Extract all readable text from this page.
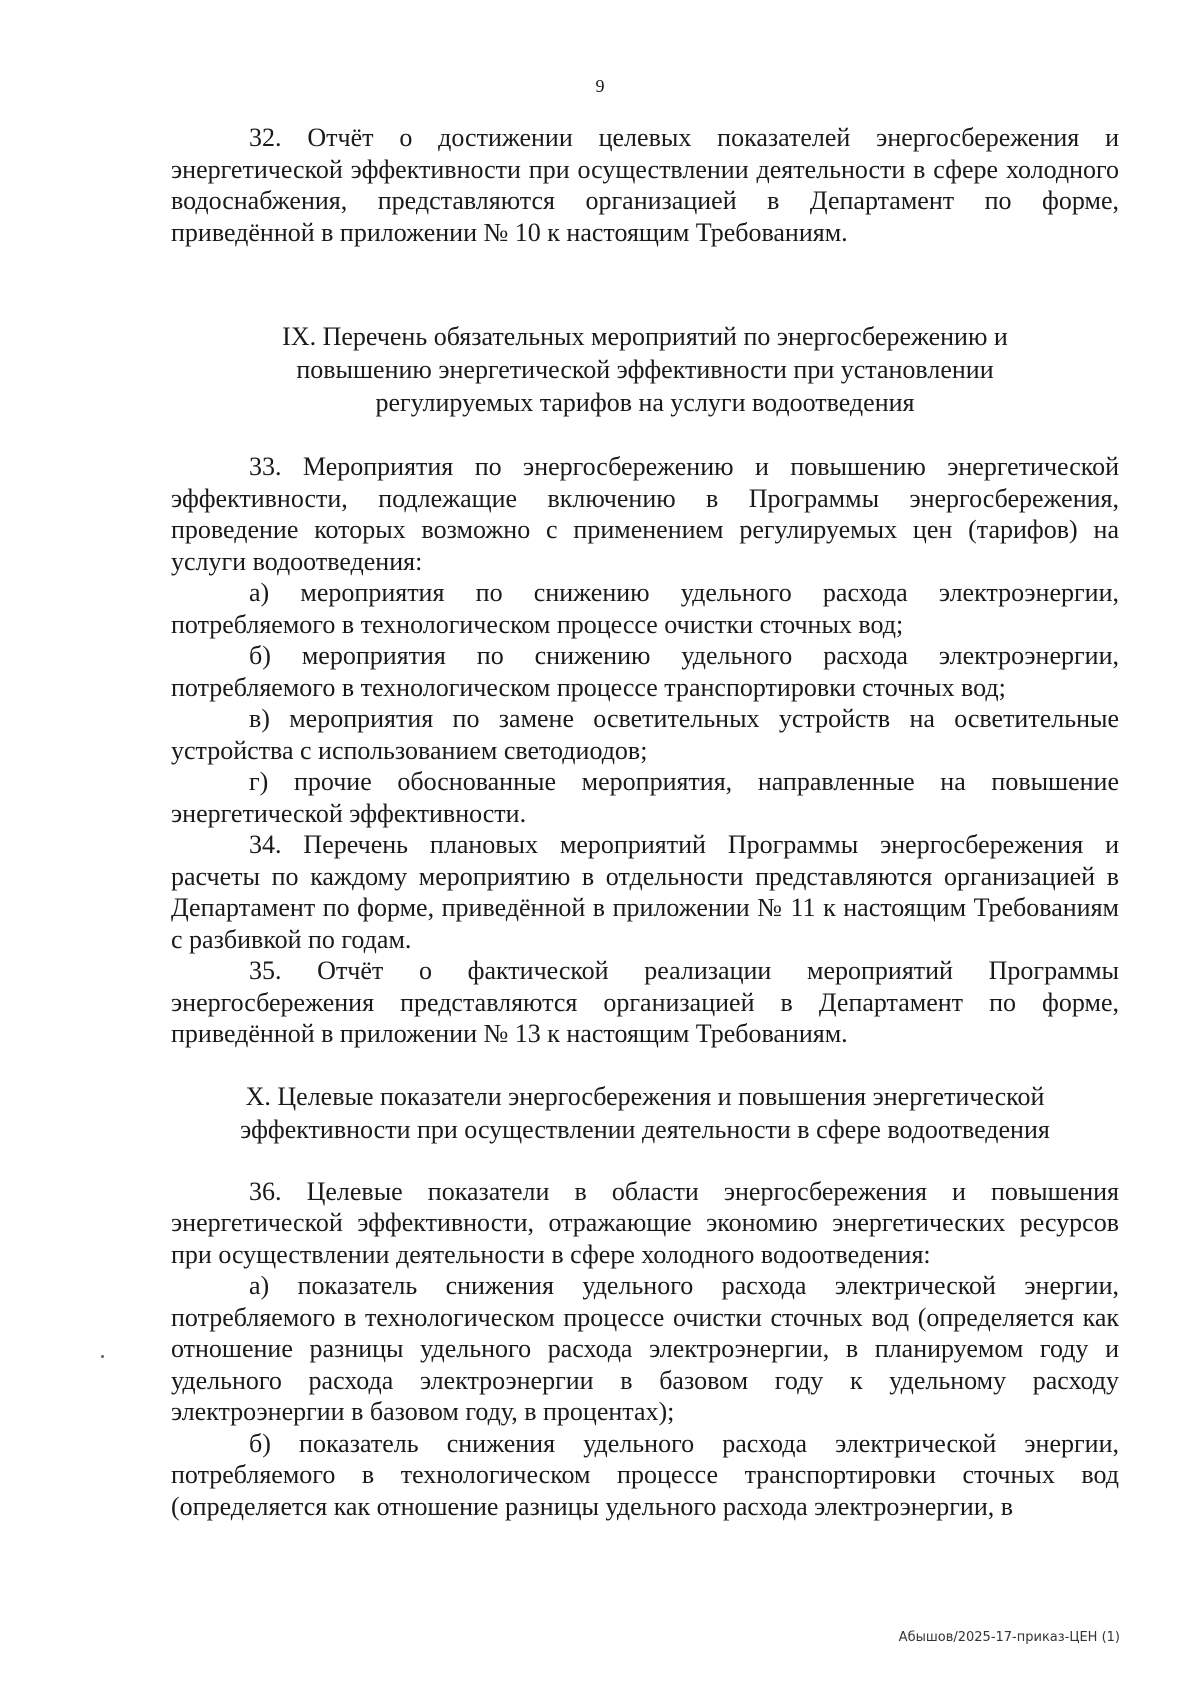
9

32. Отчёт о достижении целевых показателей энергосбережения и энергетической эффективности при осуществлении деятельности в сфере холодного водоснабжения, представляются организацией в Департамент по форме, приведённой в приложении № 10 к настоящим Требованиям.

IX. Перечень обязательных мероприятий по энергосбережению и повышению энергетической эффективности при установлении регулируемых тарифов на услуги водоотведения

33. Мероприятия по энергосбережению и повышению энергетической эффективности, подлежащие включению в Программы энергосбережения, проведение которых возможно с применением регулируемых цен (тарифов) на услуги водоотведения:

а) мероприятия по снижению удельного расхода электроэнергии, потребляемого в технологическом процессе очистки сточных вод;

б) мероприятия по снижению удельного расхода электроэнергии, потребляемого в технологическом процессе транспортировки сточных вод;

в) мероприятия по замене осветительных устройств на осветительные устройства с использованием светодиодов;

г) прочие обоснованные мероприятия, направленные на повышение энергетической эффективности.

34. Перечень плановых мероприятий Программы энергосбережения и расчеты по каждому мероприятию в отдельности представляются организацией в Департамент по форме, приведённой в приложении № 11 к настоящим Требованиям с разбивкой по годам.

35. Отчёт о фактической реализации мероприятий Программы энергосбережения представляются организацией в Департамент по форме, приведённой в приложении № 13 к настоящим Требованиям.

X. Целевые показатели энергосбережения и повышения энергетической эффективности при осуществлении деятельности в сфере водоотведения

36. Целевые показатели в области энергосбережения и повышения энергетической эффективности, отражающие экономию энергетических ресурсов при осуществлении деятельности в сфере холодного водоотведения:

а) показатель снижения удельного расхода электрической энергии, потребляемого в технологическом процессе очистки сточных вод (определяется как отношение разницы удельного расхода электроэнергии, в планируемом году и удельного расхода электроэнергии в базовом году к удельному расходу электроэнергии в базовом году, в процентах);

б) показатель снижения удельного расхода электрической энергии, потребляемого в технологическом процессе транспортировки сточных вод (определяется как отношение разницы удельного расхода электроэнергии, в

Абышов/2025-17-приказ-ЦЕН (1)
